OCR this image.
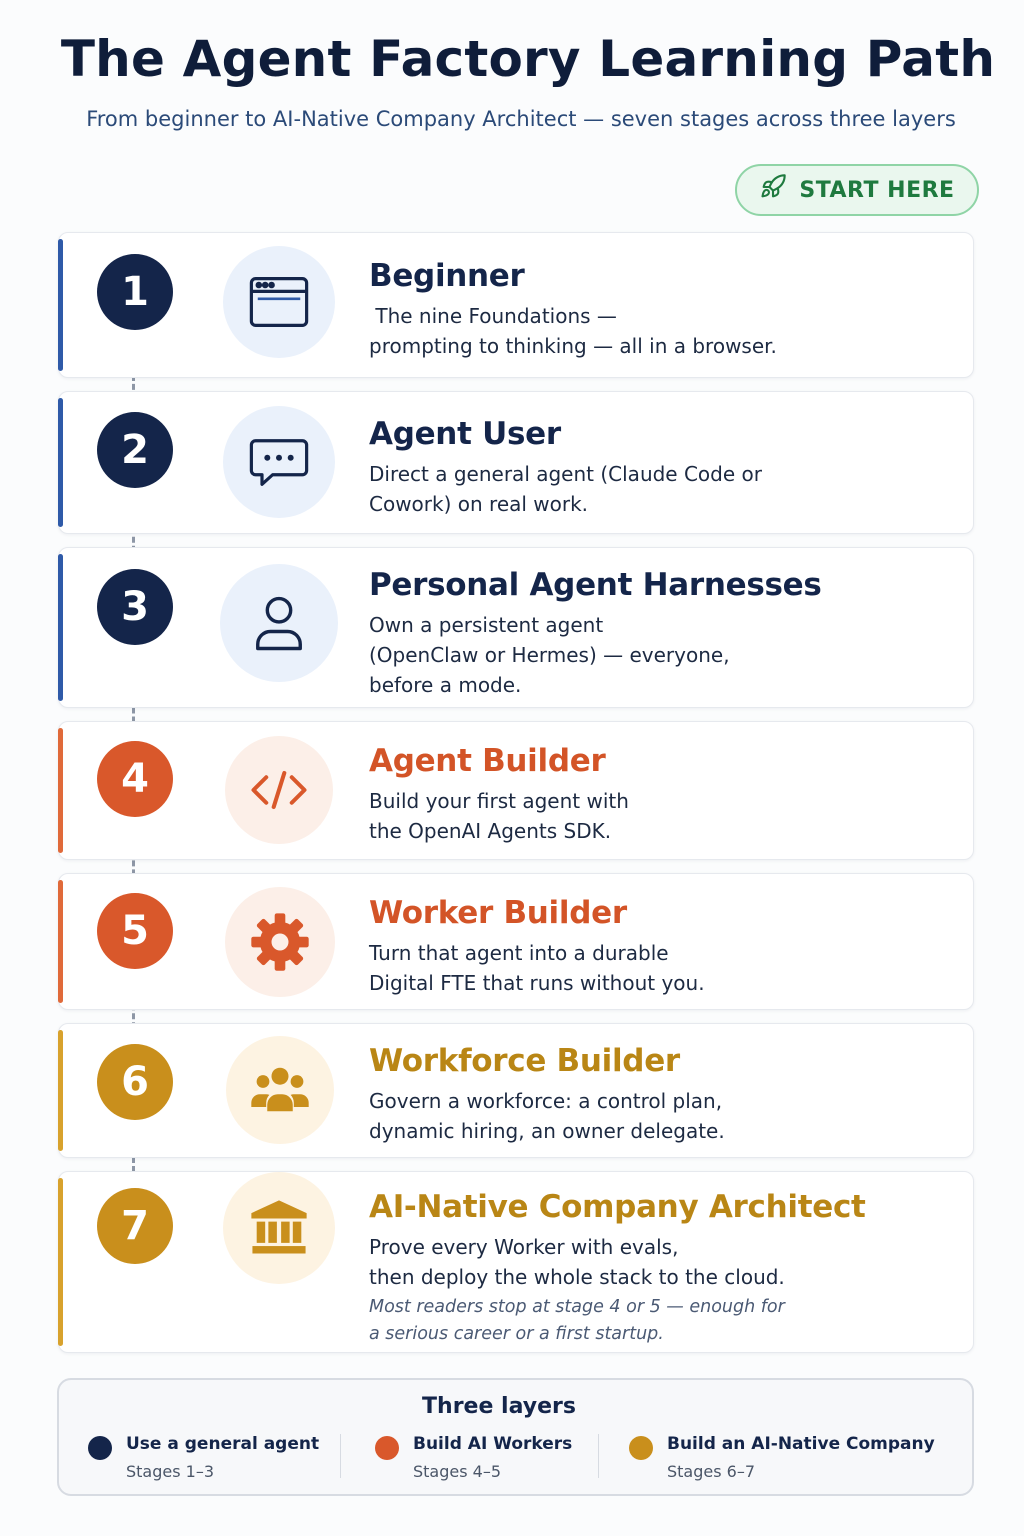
The Agent Factory Learning Path
From beginner to AI-Native Company Architect — seven stages across three layers
START HERE
1	Beginner

The nine Foundations —

prompting to thinking — all in a browser.

2	Agent User

Direct a general agent (Claude Code or

Cowork) on real work.

3	Personal Agent Harnesses

Own a persistent agent

(OpenClaw or Hermes) — everyone,

before a mode.

4	Agent Builder

Build your first agent with

the OpenAI Agents SDK.

5	Worker Builder

Turn that agent into a durable

Digital FTE that runs without you.

6	Workforce Builder

Govern a workforce: a control plan,

dynamic hiring, an owner delegate.

7	AI-Native Company Architect

Prove every Worker with evals,

then deploy the whole stack to the cloud.

Most readers stop at stage 4 or 5 — enough for

a serious career or a first startup.

Three layers
Use a general agent
Stages 1–3
Build AI Workers
Stages 4–5
Build an AI-Native Company
Stages 6–7
